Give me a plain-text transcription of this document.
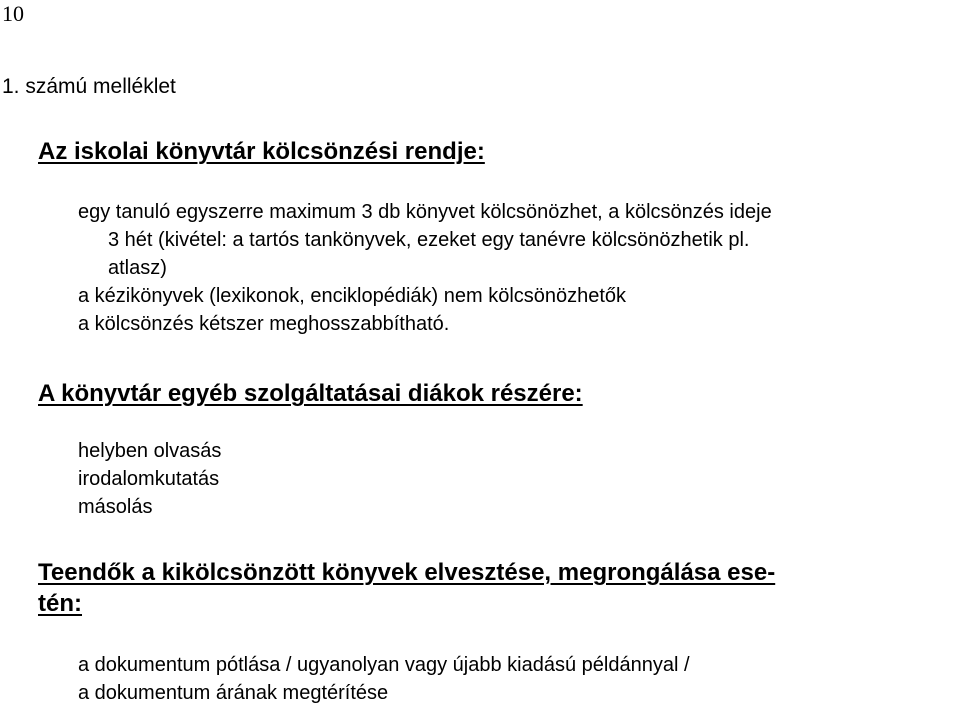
10
1. számú melléklet
Az iskolai könyvtár kölcsönzési rendje:
egy tanuló egyszerre maximum 3 db könyvet kölcsönözhet, a kölcsönzés ideje
3 hét (kivétel: a tartós tankönyvek, ezeket egy tanévre kölcsönözhetik pl.
atlasz)
a kézikönyvek (lexikonok, enciklopédiák) nem kölcsönözhetők
a kölcsönzés kétszer meghosszabbítható.
A könyvtár egyéb szolgáltatásai diákok részére:
helyben olvasás
irodalomkutatás
másolás
Teendők a kikölcsönzött könyvek elvesztése, megrongálása ese-
tén:
a dokumentum pótlása / ugyanolyan vagy újabb kiadású példánnyal /
a dokumentum árának megtérítése
